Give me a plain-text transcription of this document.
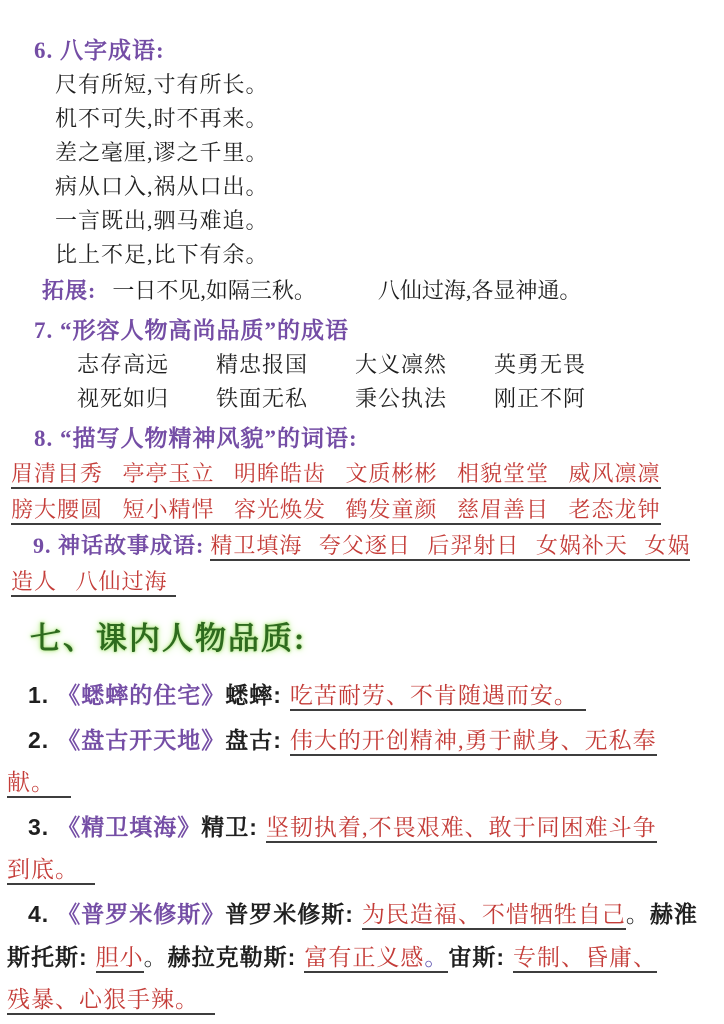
6. 八字成语:
尺有所短,寸有所长。
机不可失,时不再来。
差之毫厘,谬之千里。
病从口入,祸从口出。
一言既出,驷马难追。
比上不足,比下有余。
拓展: 一日不见,如隔三秋。	八仙过海,各显神通。
7. “形容人物高尚品质”的成语
志存高远 精忠报国 大义凛然 英勇无畏
视死如归 铁面无私 秉公执法 刚正不阿
8. “描写人物精神风貌”的词语:
眉清目秀 亭亭玉立 明眸皓齿 文质彬彬 相貌堂堂 威风凛凛
膀大腰圆 短小精悍 容光焕发 鹤发童颜 慈眉善目 老态龙钟
9. 神话故事成语: 精卫填海 夸父逐日 后羿射日 女娲补天 女娲
造人 八仙过海
七、课内人物品质:
1. 《蟋蟀的住宅》蟋蟀: 吃苦耐劳、不肯随遇而安。
2. 《盘古开天地》盘古: 伟大的开创精神,勇于献身、无私奉
献。
3. 《精卫填海》精卫: 坚韧执着,不畏艰难、敢于同困难斗争
到底。
4. 《普罗米修斯》普罗米修斯: 为民造福、不惜牺牲自己。赫淮
斯托斯: 胆小。赫拉克勒斯: 富有正义感。宙斯: 专制、昏庸、
残暴、心狠手辣。
